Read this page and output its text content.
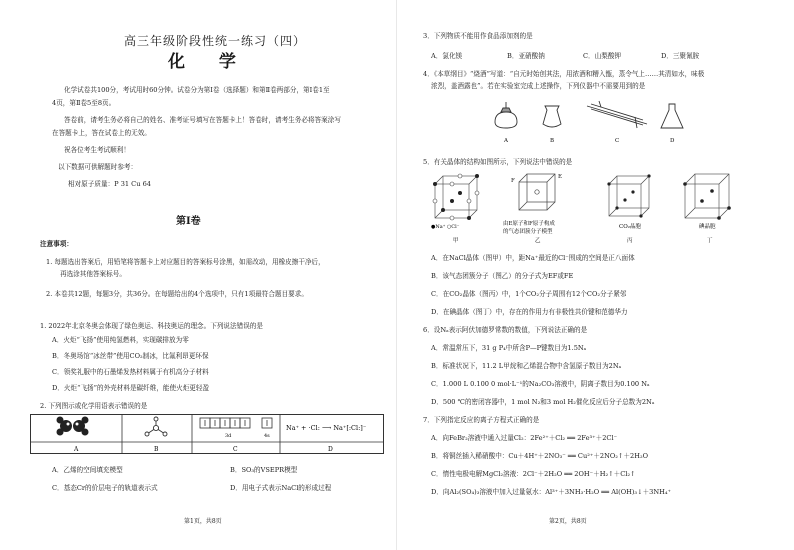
高三年级阶段性统一练习（四）
化 学
化学试卷共100分，考试用时60分钟。试卷分为第Ⅰ卷（选择题）和第Ⅱ卷两部分，第Ⅰ卷1至
4页，第Ⅱ卷5至8页。
答卷前，请考生务必将自己的姓名、准考证号填写在答题卡上！答卷时，请考生务必将答案涂写
在答题卡上，答在试卷上的无效。
祝各位考生考试顺利！
以下数据可供解题时参考：
相对原子质量：P 31 Cu 64
第Ⅰ卷
注意事项：
1. 每题选出答案后，用铅笔将答题卡上对应题目的答案标号涂黑，如需改动，用橡皮擦干净后，
再选涂其他答案标号。
2. 本卷共12题，每题3分，共36分。在每题给出的4个选项中，只有1项最符合题目要求。
1. 2022年北京冬奥会体现了绿色奥运、科技奥运的理念。下列说法错误的是
A．火炬“飞扬”使用纯氢燃料，实现碳排放为零
B．冬奥场馆“冰丝带”使用CO₂制冰，比氟利昂更环保
C．领奖礼服中的石墨烯发热材料属于有机高分子材料
D．火炬“飞扬”的外壳材料是碳纤维，能使火炬更轻盈
2. 下列图示或化学用语表示错误的是
3d	4s
Na⁺ + ·Cl: ⟶ Na⁺[:Cl:]⁻
A	B	C	D
A．乙烯的空间填充模型	B．SO₃的VSEPR模型
C．基态Cr的价层电子的轨道表示式	D．用电子式表示NaCl的形成过程
第1页，共8页
3．下列物质不能用作食品添加剂的是
A．氯化镁	B．亚硝酸钠	C．山梨酸钾	D．三聚氰胺
4．《本草纲目》“烧酒”写道：“自元时始创其法，用浓酒和糟入甑，蒸令气上……其清如水，味极
浓烈，盖酒露也”。若在实验室完成上述操作，下列仪器中不需要用到的是
A	B	C	D
5．有关晶体的结构如图所示，下列说法中错误的是
F
E
●Na⁺ ○Cl⁻	由E原子和F原子构成
的气态团簇分子模型
CO₂晶胞	碘晶胞
甲	乙	丙	丁
A．在NaCl晶体（图甲）中，距Na⁺最近的Cl⁻围成的空间是正八面体
B．该气态团簇分子（图乙）的分子式为EF或FE
C．在CO₂晶体（图丙）中，1个CO₂分子周围有12个CO₂分子紧邻
D．在碘晶体（图丁）中，存在的作用力有非极性共价键和范德华力
6．设Nₐ表示阿伏加德罗常数的数值，下列说法正确的是
A．常温常压下，31 g P₄中所含P—P键数目为1.5Nₐ
B．标准状况下，11.2 L甲烷和乙烯混合物中含氢原子数目为2Nₐ
C．1.000 L 0.100 0 mol·L⁻¹的Na₂CO₃溶液中，阴离子数目为0.100 Nₐ
D．500 ℃的密闭容器中，1 mol N₂和3 mol H₂催化反应后分子总数为2Nₐ
7．下列指定反应的离子方程式正确的是
A．向FeBr₂溶液中通入过量Cl₂：2Fe²⁺＋Cl₂ ══ 2Fe³⁺＋2Cl⁻
B．将铜丝插入稀硝酸中：Cu＋4H⁺＋2NO₃⁻ ══ Cu²⁺＋2NO₂↑＋2H₂O
C．惰性电极电解MgCl₂溶液：2Cl⁻＋2H₂O ══ 2OH⁻＋H₂↑＋Cl₂↑
D．向Al₂(SO₄)₃溶液中加入过量氨水：Al³⁺＋3NH₃·H₂O ══ Al(OH)₃↓＋3NH₄⁺
第2页，共8页
